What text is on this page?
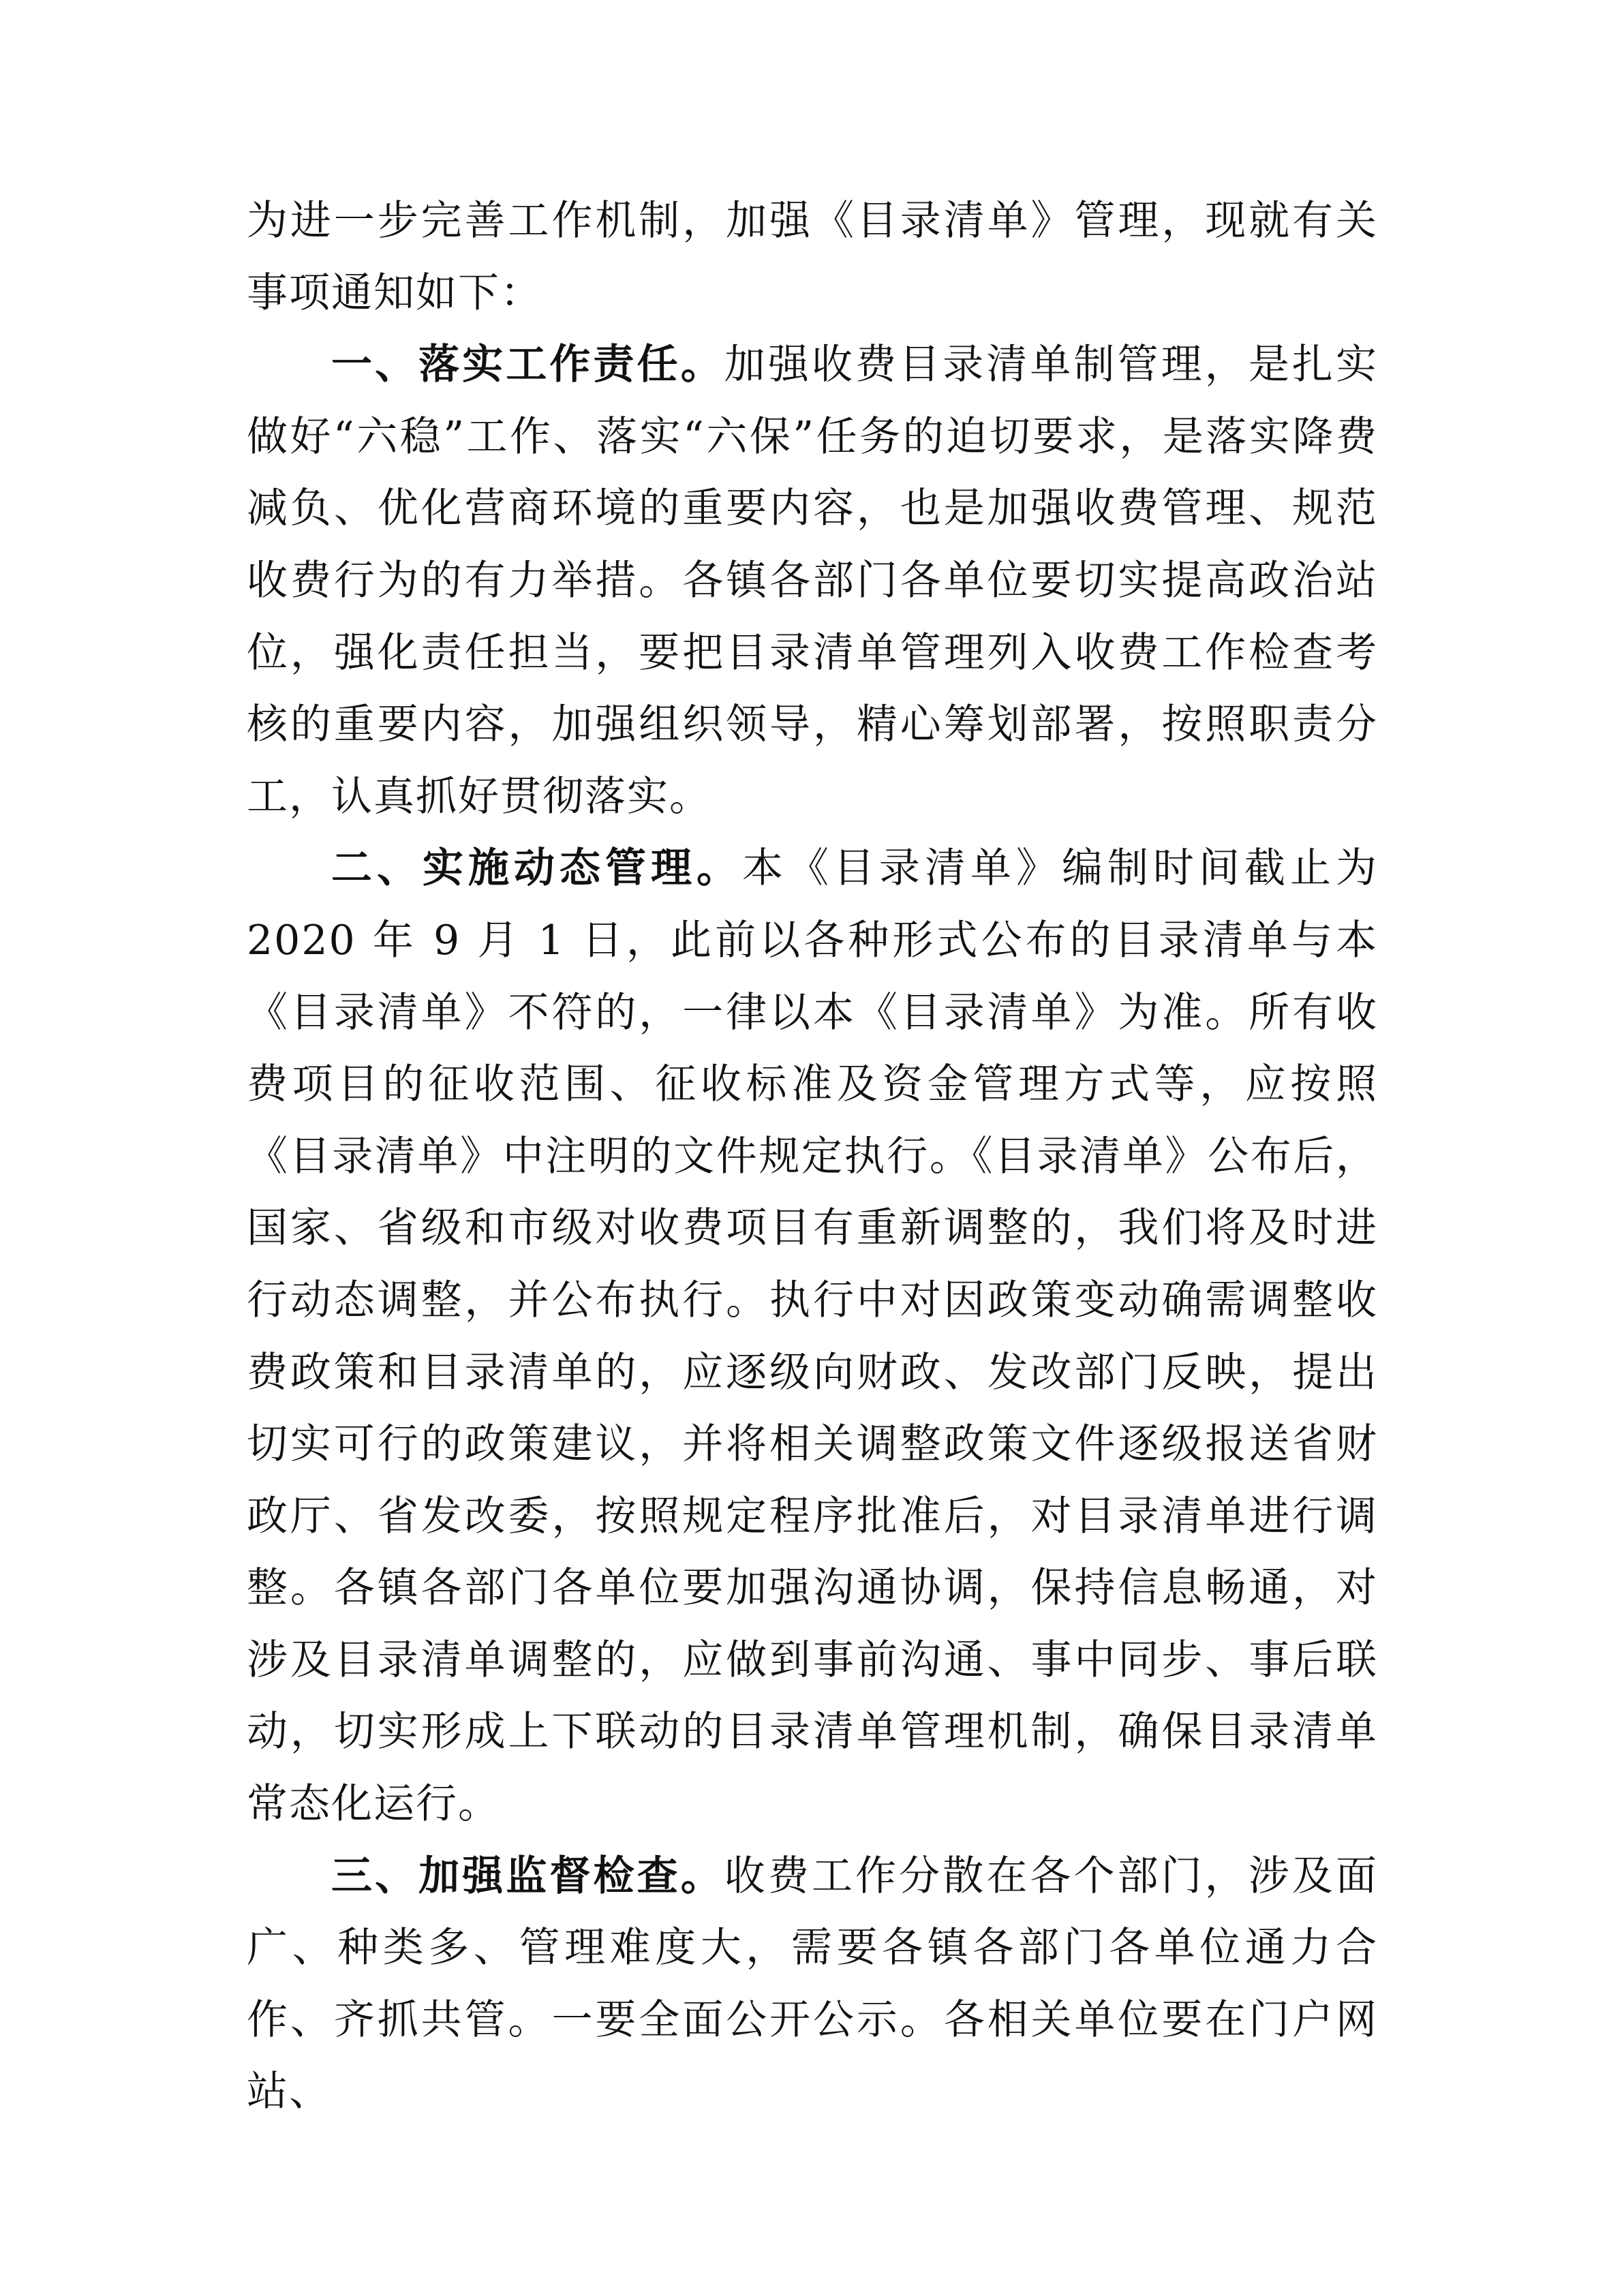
为进一步完善工作机制，加强《目录清单》管理，现就有关事项通知如下：

一、落实工作责任。加强收费目录清单制管理，是扎实做好“六稳”工作、落实“六保”任务的迫切要求，是落实降费减负、优化营商环境的重要内容，也是加强收费管理、规范收费行为的有力举措。各镇各部门各单位要切实提高政治站位，强化责任担当，要把目录清单管理列入收费工作检查考核的重要内容，加强组织领导，精心筹划部署，按照职责分工，认真抓好贯彻落实。

二、实施动态管理。本《目录清单》编制时间截止为 2020 年 9 月 1 日，此前以各种形式公布的目录清单与本《目录清单》不符的，一律以本《目录清单》为准。所有收费项目的征收范围、征收标准及资金管理方式等，应按照《目录清单》中注明的文件规定执行。《目录清单》公布后，国家、省级和市级对收费项目有重新调整的，我们将及时进行动态调整，并公布执行。执行中对因政策变动确需调整收费政策和目录清单的，应逐级向财政、发改部门反映，提出切实可行的政策建议，并将相关调整政策文件逐级报送省财政厅、省发改委，按照规定程序批准后，对目录清单进行调整。各镇各部门各单位要加强沟通协调，保持信息畅通，对涉及目录清单调整的，应做到事前沟通、事中同步、事后联动，切实形成上下联动的目录清单管理机制，确保目录清单常态化运行。

三、加强监督检查。收费工作分散在各个部门，涉及面广、种类多、管理难度大，需要各镇各部门各单位通力合作、齐抓共管。一要全面公开公示。各相关单位要在门户网站、
